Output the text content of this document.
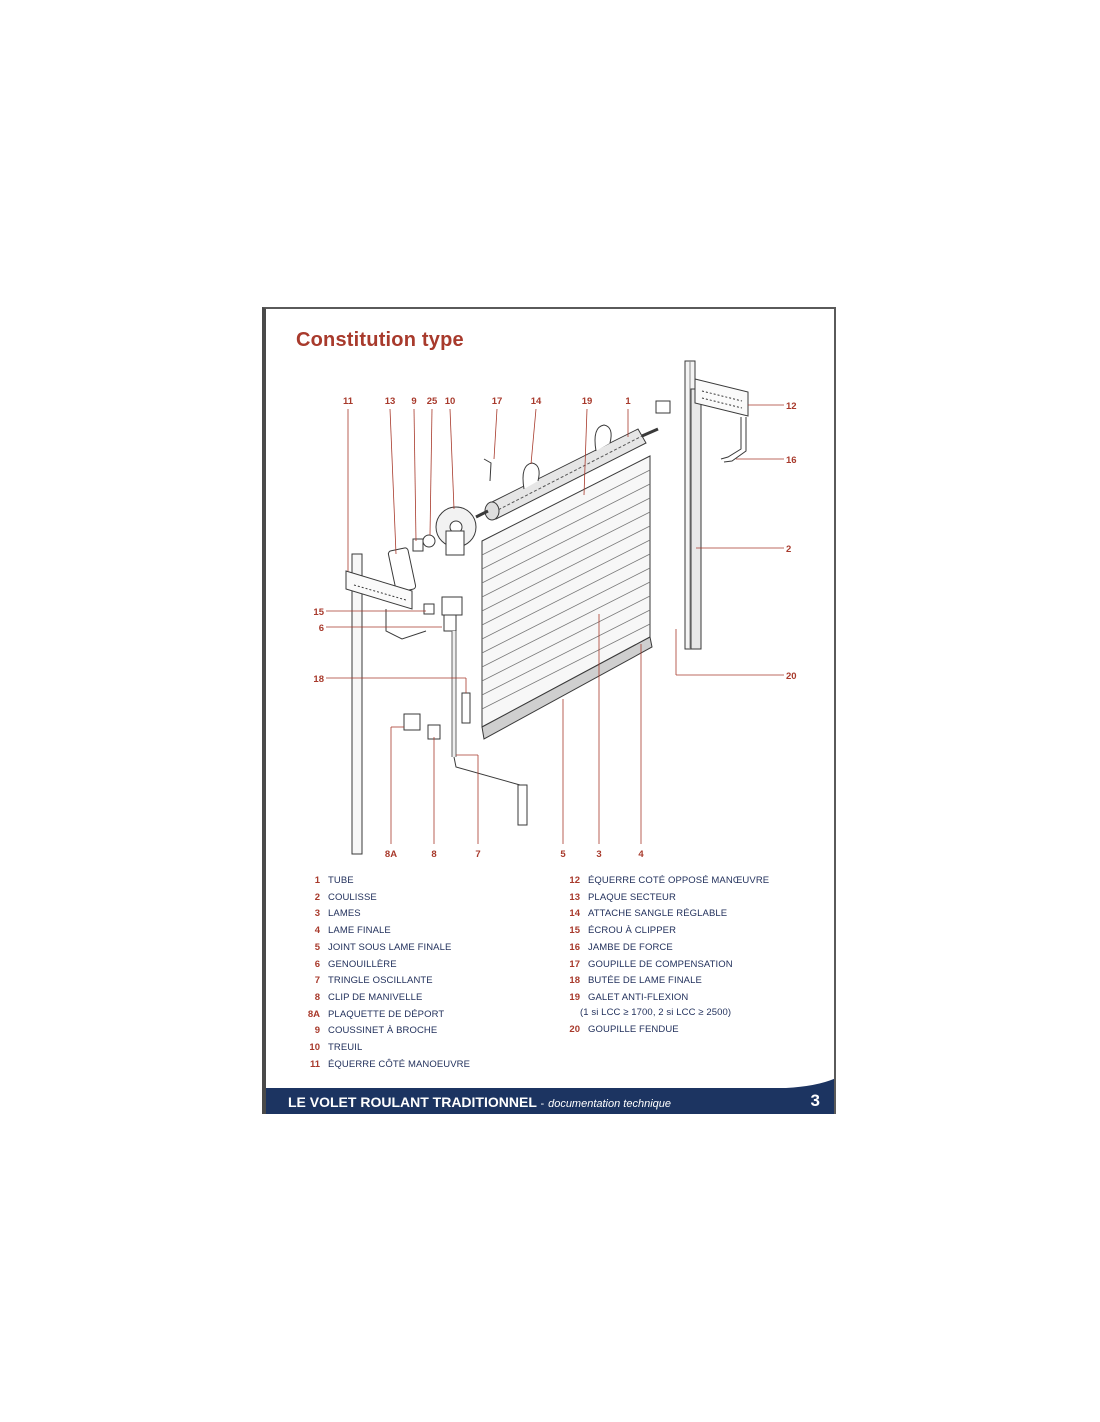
Constitution type
11	13 9 25 10	17	14	19	1	12
16
2
20
15
6
18
8A	8	7	5	3	4
1 TUBE
2 COULISSE
3 LAMES
4 LAME FINALE
5 JOINT SOUS LAME FINALE
6 GENOUILLÈRE
7 TRINGLE OSCILLANTE
8 CLIP DE MANIVELLE
8A PLAQUETTE DE DÉPORT
9 COUSSINET À BROCHE
10 TREUIL
11 ÉQUERRE CÔTÉ MANOEUVRE
12 ÉQUERRE COTÉ OPPOSÉ MANŒUVRE
13 PLAQUE SECTEUR
14 ATTACHE SANGLE RÉGLABLE
15 ÉCROU À CLIPPER
16 JAMBE DE FORCE
17 GOUPILLE DE COMPENSATION
18 BUTÉE DE LAME FINALE
19 GALET ANTI-FLEXION
(1 si LCC ≥ 1700, 2 si LCC ≥ 2500)
20 GOUPILLE FENDUE
LE VOLET ROULANT TRADITIONNEL - documentation technique	3
